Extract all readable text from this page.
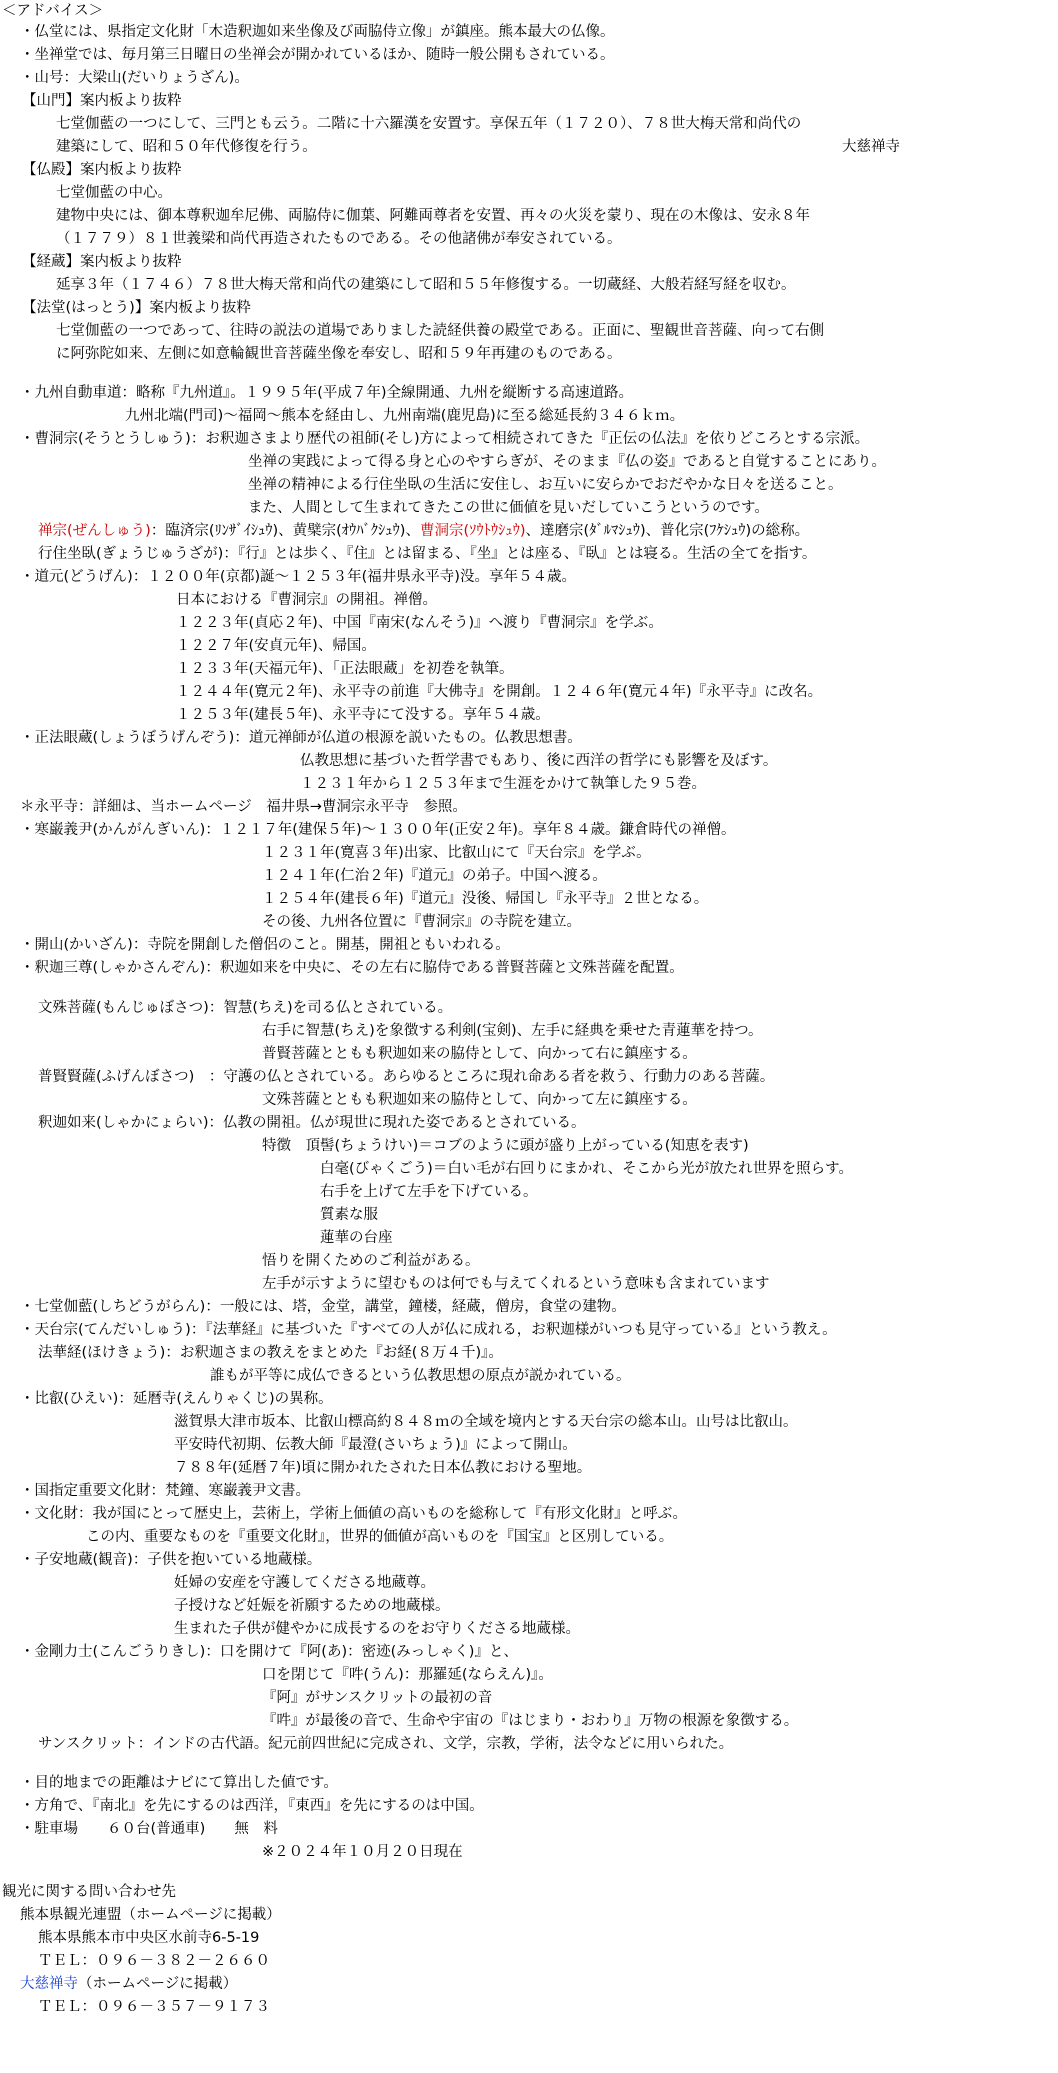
＜アドバイス＞
・仏堂には、県指定文化財「木造釈迦如来坐像及び両脇侍立像」が鎮座。熊本最大の仏像。
・坐禅堂では、毎月第三日曜日の坐禅会が開かれているほか、随時一般公開もされている。
・山号：大梁山(だいりょうざん)。
【山門】案内板より抜粋
七堂伽藍の一つにして、三門とも云う。二階に十六羅漢を安置す。享保五年（１７２０）、７８世大梅天常和尚代の
建築にして、昭和５０年代修復を行う。	大慈禅寺
【仏殿】案内板より抜粋
七堂伽藍の中心。
建物中央には、御本尊釈迦牟尼佛、両脇侍に伽葉、阿難両尊者を安置、再々の火災を蒙り、現在の木像は、安永８年
（１７７９）８１世義梁和尚代再造されたものである。その他諸佛が奉安されている。
【経蔵】案内板より抜粋
延享３年（１７４６）７８世大梅天常和尚代の建築にして昭和５５年修復する。一切蔵経、大般若経写経を収む。
【法堂(はっとう)】案内板より抜粋
七堂伽藍の一つであって、往時の説法の道場でありました読経供養の殿堂である。正面に、聖観世音菩薩、向って右側
に阿弥陀如来、左側に如意輪観世音菩薩坐像を奉安し、昭和５９年再建のものである。
・九州自動車道：略称『九州道』。１９９５年(平成７年)全線開通、九州を縦断する高速道路。
九州北端(門司)～福岡～熊本を経由し、九州南端(鹿児島)に至る総延長約３４６ｋｍ。
・曹洞宗(そうとうしゅう)：お釈迦さまより歴代の祖師(そし)方によって相続されてきた『正伝の仏法』を依りどころとする宗派。
坐禅の実践によって得る身と心のやすらぎが、そのまま『仏の姿』であると自覚することにあり。
坐禅の精神による行住坐臥の生活に安住し、お互いに安らかでおだやかな日々を送ること。
また、人間として生まれてきたこの世に価値を見いだしていこうというのです。
禅宗(ぜんしゅう)：臨済宗(ﾘﾝｻﾞｲｼｭｳ)、黄檗宗(ｵｳﾊﾞｸｼｭｳ)、曹洞宗(ｿｳﾄｳｼｭｳ)、達磨宗(ﾀﾞﾙﾏｼｭｳ)、普化宗(ﾌｹｼｭｳ)の総称。
行住坐臥(ぎょうじゅうざが)：『行』とは歩く、『住』とは留まる、『坐』とは座る、『臥』とは寝る。生活の全てを指す。
・道元(どうげん)：１２００年(京都)誕～１２５３年(福井県永平寺)没。享年５４歳。
日本における『曹洞宗』の開祖。禅僧。
１２２３年(貞応２年)、中国『南宋(なんそう)』へ渡り『曹洞宗』を学ぶ。
１２２７年(安貞元年)、帰国。
１２３３年(天福元年)、「正法眼蔵」を初巻を執筆。
１２４４年(寛元２年)、永平寺の前進『大佛寺』を開創。１２４６年(寛元４年)『永平寺』に改名。
１２５３年(建長５年)、永平寺にて没する。享年５４歳。
・正法眼蔵(しょうぼうげんぞう)：道元禅師が仏道の根源を説いたもの。仏教思想書。
仏教思想に基づいた哲学書でもあり、後に西洋の哲学にも影響を及ぼす。
１２３１年から１２５３年まで生涯をかけて執筆した９５巻。
＊永平寺：詳細は、当ホームページ　福井県→曹洞宗永平寺　参照。
・寒巌義尹(かんがんぎいん)：１２１７年(建保５年)～１３００年(正安２年)。享年８４歳。鎌倉時代の禅僧。
１２３１年(寛喜３年)出家、比叡山にて『天台宗』を学ぶ。
１２４１年(仁治２年)『道元』の弟子。中国へ渡る。
１２５４年(建長６年)『道元』没後、帰国し『永平寺』２世となる。
その後、九州各位置に『曹洞宗』の寺院を建立。
・開山(かいざん)：寺院を開創した僧侶のこと。開基，開祖ともいわれる。
・釈迦三尊(しゃかさんぞん)：釈迦如来を中央に、その左右に脇侍である普賢菩薩と文殊菩薩を配置。
文殊菩薩(もんじゅぼさつ)：智慧(ちえ)を司る仏とされている。
右手に智慧(ちえ)を象徴する利剣(宝剣)、左手に経典を乗せた青蓮華を持つ。
普賢菩薩とともも釈迦如来の脇侍として、向かって右に鎮座する。
普賢賢薩(ふげんぼさつ)　：守護の仏とされている。あらゆるところに現れ命ある者を救う、行動力のある菩薩。
文殊菩薩とともも釈迦如来の脇侍として、向かって左に鎮座する。
釈迦如来(しゃかにょらい)：仏教の開祖。仏が現世に現れた姿であるとされている。
特徴　頂髻(ちょうけい)＝コブのように頭が盛り上がっている(知恵を表す)
白毫(びゃくごう)＝白い毛が右回りにまかれ、そこから光が放たれ世界を照らす。
右手を上げて左手を下げている。
質素な服
蓮華の台座
悟りを開くためのご利益がある。
左手が示すように望むものは何でも与えてくれるという意味も含まれています
・七堂伽藍(しちどうがらん)：一般には、塔，金堂，講堂，鐘楼，経蔵，僧房，食堂の建物。
・天台宗(てんだいしゅう)：『法華経』に基づいた『すべての人が仏に成れる，お釈迦様がいつも見守っている』という教え。
法華経(ほけきょう)：お釈迦さまの教えをまとめた『お経(８万４千)』。
誰もが平等に成仏できるという仏教思想の原点が説かれている。
・比叡(ひえい)：延暦寺(えんりゃくじ)の異称。
滋賀県大津市坂本、比叡山標高約８４８ｍの全域を境内とする天台宗の総本山。山号は比叡山。
平安時代初期、伝教大師『最澄(さいちょう)』によって開山。
７８８年(延暦７年)頃に開かれたされた日本仏教における聖地。
・国指定重要文化財：梵鐘、寒巌義尹文書。
・文化財：我が国にとって歴史上，芸術上，学術上価値の高いものを総称して『有形文化財』と呼ぶ。
この内、重要なものを『重要文化財』，世界的価値が高いものを『国宝』と区別している。
・子安地蔵(観音)：子供を抱いている地蔵様。
妊婦の安産を守護してくださる地蔵尊。
子授けなど妊娠を祈願するための地蔵様。
生まれた子供が健やかに成長するのをお守りくださる地蔵様。
・金剛力士(こんごうりきし)：口を開けて『阿(あ)：密迹(みっしゃく)』と、
口を閉じて『吽(うん)：那羅延(ならえん)』。
『阿』がサンスクリットの最初の音
『吽』が最後の音で、生命や宇宙の『はじまり・おわり』万物の根源を象徴する。
サンスクリット：インドの古代語。紀元前四世紀に完成され、文学，宗教，学術，法令などに用いられた。
・目的地までの距離はナビにて算出した値です。
・方角で、『南北』を先にするのは西洋，『東西』を先にするのは中国。
・駐車場　　６０台(普通車)　　無　料
※２０２４年１０月２０日現在
観光に関する問い合わせ先
熊本県観光連盟（ホームページに掲載）
熊本県熊本市中央区水前寺6-5-19
ＴＥＬ：０９６－３８２－２６６０
大慈禅寺（ホームページに掲載）
ＴＥＬ：０９６－３５７－９１７３
